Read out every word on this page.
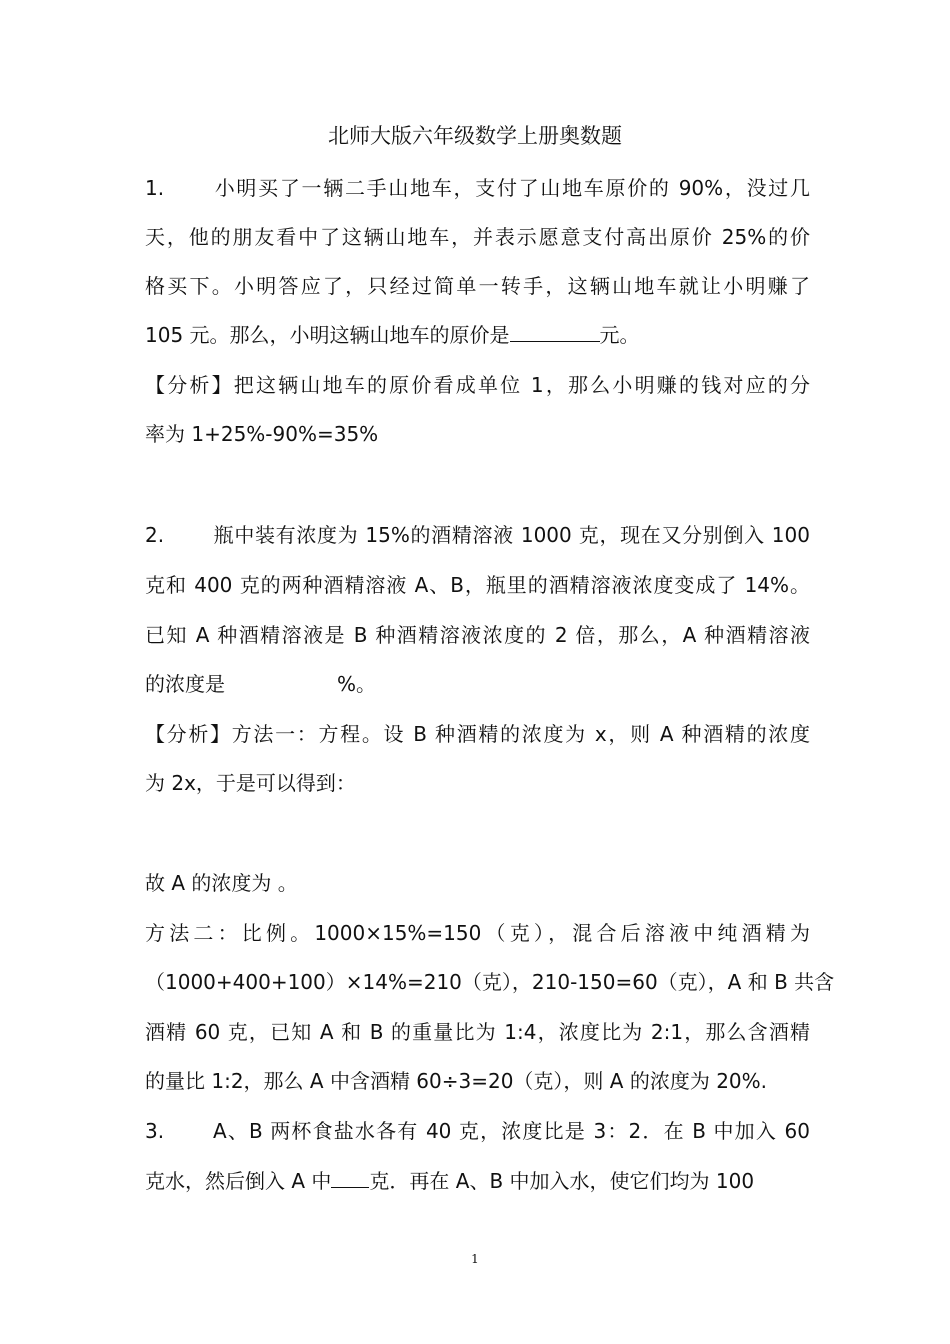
北师大版六年级数学上册奥数题
1. 小明买了一辆二手山地车，支付了山地车原价的 90%，没过几
天，他的朋友看中了这辆山地车，并表示愿意支付高出原价 25%的价
格买下。小明答应了，只经过简单一转手，这辆山地车就让小明赚了
105 元。那么，小明这辆山地车的原价是	元。
【分析】把这辆山地车的原价看成单位 1，那么小明赚的钱对应的分
率为 1+25%-90%=35%
2. 瓶中装有浓度为 15%的酒精溶液 1000 克，现在又分别倒入 100
克和 400 克的两种酒精溶液 A、B，瓶里的酒精溶液浓度变成了 14%。
已知 A 种酒精溶液是 B 种酒精溶液浓度的 2 倍，那么，A 种酒精溶液
的浓度是	%。
【分析】方法一：方程。设 B 种酒精的浓度为 x，则 A 种酒精的浓度
为 2x，于是可以得到：
故 A 的浓度为 。
方法二：比例。1000×15%=150（克），混合后溶液中纯酒精为
（1000+400+100）×14%=210（克），210-150=60（克），A 和 B 共含
酒精 60 克，已知 A 和 B 的重量比为 1:4，浓度比为 2:1，那么含酒精
的量比 1:2，那么 A 中含酒精 60÷3=20（克），则 A 的浓度为 20%.
3. A、B 两杯食盐水各有 40 克，浓度比是 3：2．在 B 中加入 60
克水，然后倒入 A 中 克．再在 A、B 中加入水，使它们均为 100
1
